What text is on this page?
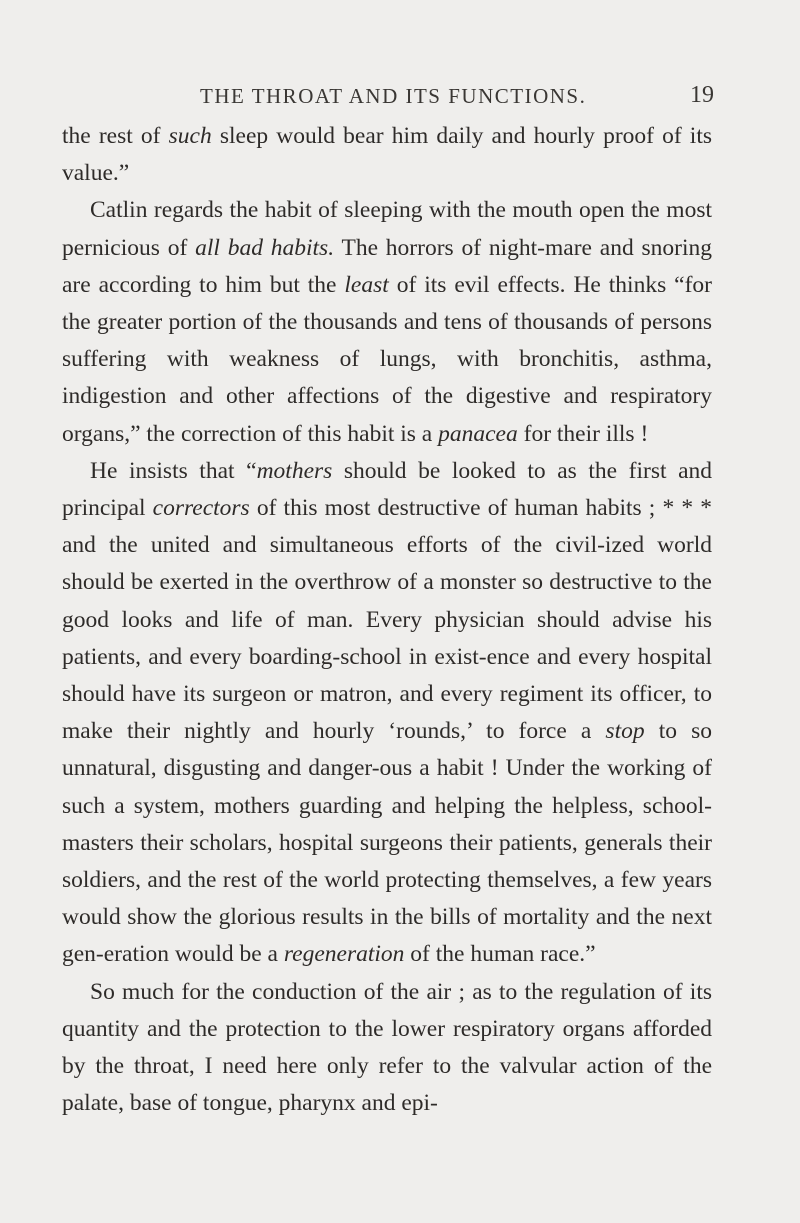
THE THROAT AND ITS FUNCTIONS.	19

the rest of such sleep would bear him daily and hourly proof of its value.”

Catlin regards the habit of sleeping with the mouth open the most pernicious of all bad habits. The horrors of night-mare and snoring are according to him but the least of its evil effects. He thinks “for the greater portion of the thousands and tens of thousands of persons suffering with weakness of lungs, with bronchitis, asthma, indigestion and other affections of the digestive and respiratory organs,” the correction of this habit is a panacea for their ills !

He insists that “mothers should be looked to as the first and principal correctors of this most destructive of human habits ; * * * and the united and simultaneous efforts of the civil-ized world should be exerted in the overthrow of a monster so destructive to the good looks and life of man. Every physician should advise his patients, and every boarding-school in exist-ence and every hospital should have its surgeon or matron, and every regiment its officer, to make their nightly and hourly ‘rounds,’ to force a stop to so unnatural, disgusting and danger-ous a habit ! Under the working of such a system, mothers guarding and helping the helpless, school-masters their scholars, hospital surgeons their patients, generals their soldiers, and the rest of the world protecting themselves, a few years would show the glorious results in the bills of mortality and the next gen-eration would be a regeneration of the human race.”

So much for the conduction of the air ; as to the regulation of its quantity and the protection to the lower respiratory organs afforded by the throat, I need here only refer to the valvular action of the palate, base of tongue, pharynx and epi-
